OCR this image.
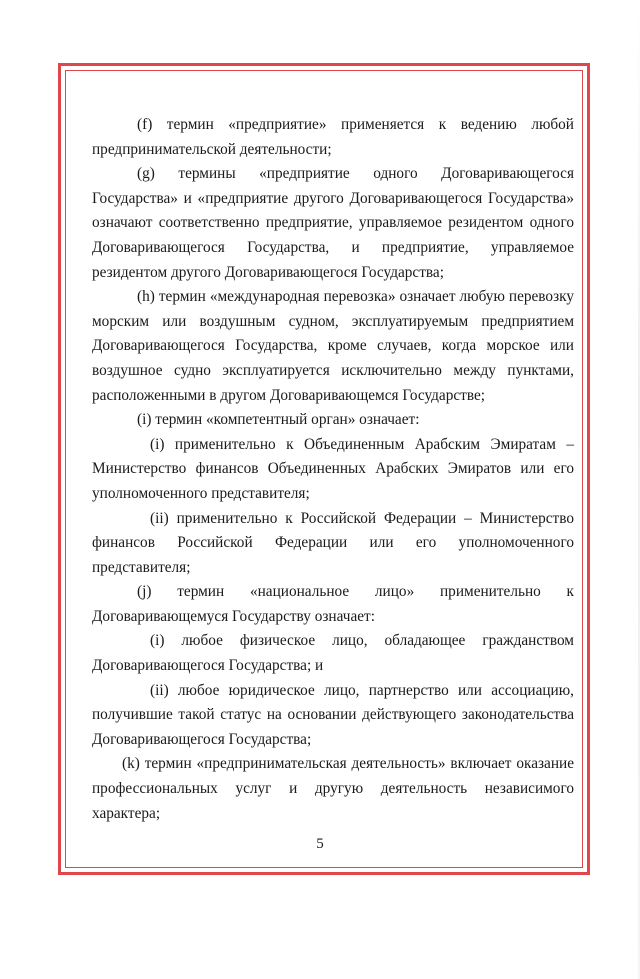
(f) термин «предприятие» применяется к ведению любой предпринимательской деятельности;

(g) термины «предприятие одного Договаривающегося Государства» и «предприятие другого Договаривающегося Государства» означают соответственно предприятие, управляемое резидентом одного Договаривающегося Государства, и предприятие, управляемое резидентом другого Договаривающегося Государства;

(h) термин «международная перевозка» означает любую перевозку морским или воздушным судном, эксплуатируемым предприятием Договаривающегося Государства, кроме случаев, когда морское или воздушное судно эксплуатируется исключительно между пунктами, расположенными в другом Договаривающемся Государстве;

(i) термин «компетентный орган» означает:

(i) применительно к Объединенным Арабским Эмиратам – Министерство финансов Объединенных Арабских Эмиратов или его уполномоченного представителя;

(ii) применительно к Российской Федерации – Министерство финансов Российской Федерации или его уполномоченного представителя;

(j) термин «национальное лицо» применительно к Договаривающемуся Государству означает:

(i) любое физическое лицо, обладающее гражданством Договаривающегося Государства; и

(ii) любое юридическое лицо, партнерство или ассоциацию, получившие такой статус на основании действующего законодательства Договаривающегося Государства;

(k) термин «предпринимательская деятельность» включает оказание профессиональных услуг и другую деятельность независимого характера;

5
